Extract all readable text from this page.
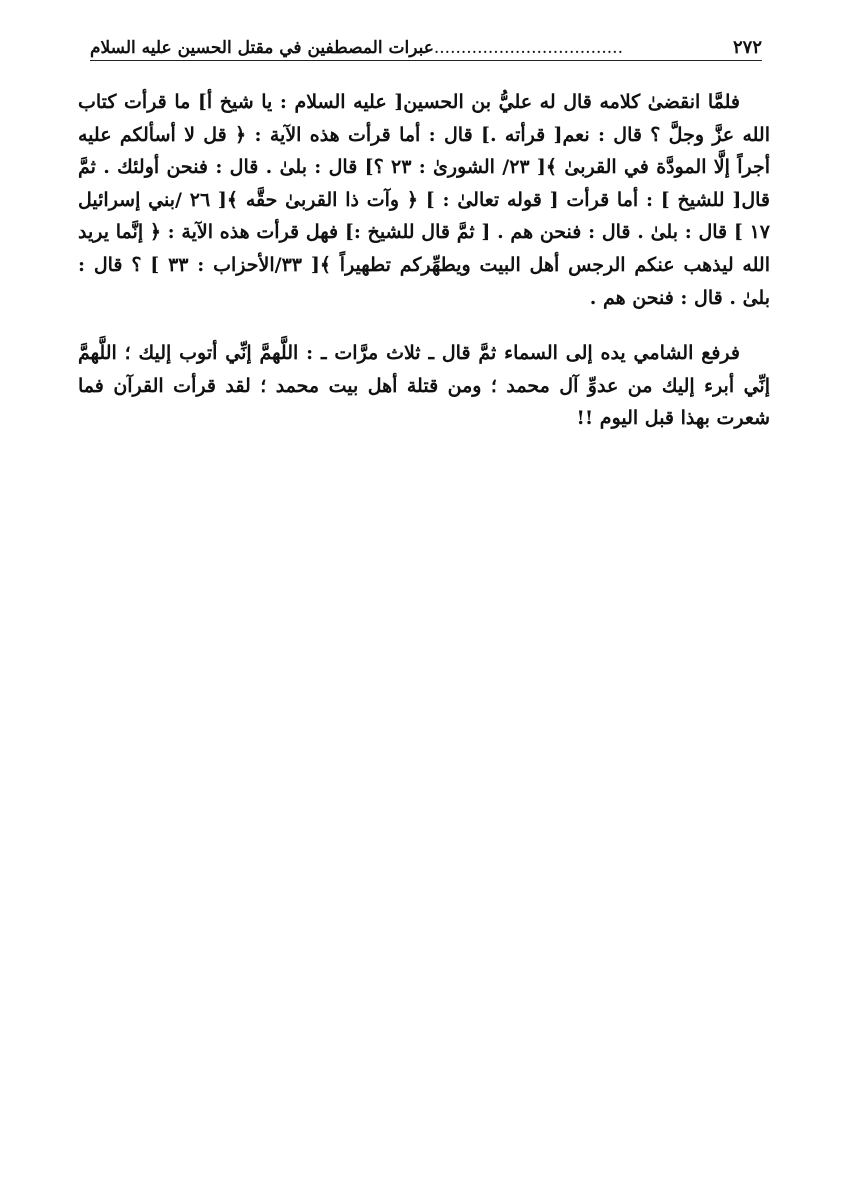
٢٧٢
...................................عبرات المصطفين في مقتل الحسين عليه السلام

فلمَّا انقضىٰ كلامه قال له عليُّ بن الحسين[ عليه السلام : يا شيخ أ] ما قرأت كتاب الله عزَّ وجلَّ ؟ قال : نعم[ قرأته .] قال : أما قرأت هذه الآية : ﴿ قل لا أسألكم عليه أجراً إلَّا المودَّة في القربىٰ ﴾[ ٢٣/ الشورىٰ : ٢٣ ؟] قال : بلىٰ . قال : فنحن أولئك . ثمَّ قال[ للشيخ ] : أما قرأت [ قوله تعالىٰ : ] ﴿ وآت ذا القربىٰ حقَّه ﴾[ ٢٦ /بني إسرائيل ١٧ ] قال : بلىٰ . قال : فنحن هم . [ ثمَّ قال للشيخ :] فهل قرأت هذه الآية : ﴿ إنَّما يريد الله ليذهب عنكم الرجس أهل البيت ويطهِّركم تطهيراً ﴾[ ٣٣/الأحزاب : ٣٣ ] ؟ قال : بلىٰ . قال : فنحن هم .

فرفع الشامي يده إلى السماء ثمَّ قال ـ ثلاث مرَّات ـ : اللَّهمَّ إنِّي أتوب إليك ؛ اللَّهمَّ إنِّي أبرء إليك من عدوِّ آل محمد ؛ ومن قتلة أهل بيت محمد ؛ لقد قرأت القرآن فما شعرت بهذا قبل اليوم !!
